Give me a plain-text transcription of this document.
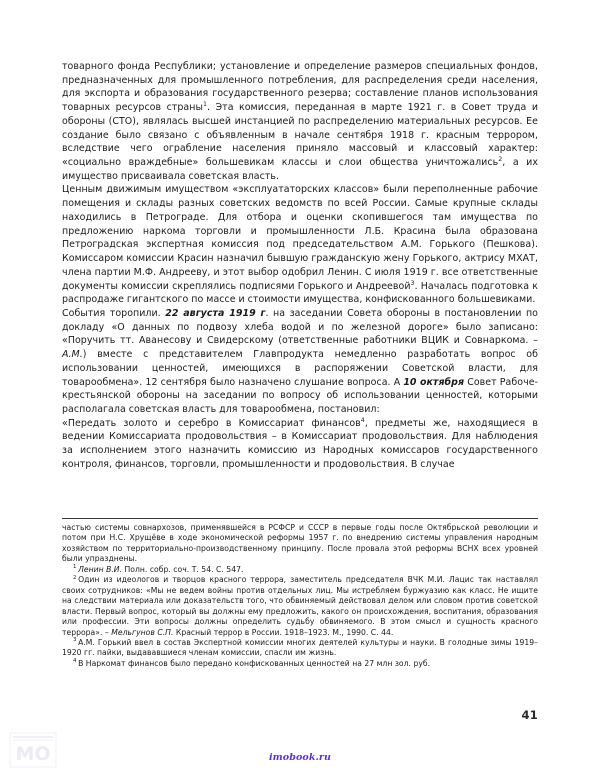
товарного фонда Республики; установление и определение размеров специальных фондов, предназначенных для промышленного потребления, для распределения среди населения, для экспорта и образования государственного резерва; составление планов использования товарных ресурсов страны$^1$. Эта комиссия, переданная в марте 1921 г. в Совет труда и обороны (СТО), являлась высшей инстанцией по распределению материальных ресурсов. Ее создание было связано с объявленным в начале сентября 1918 г. красным террором, вследствие чего ограбление населения приняло массовый и классовый характер: «социально враждебные» большевикам классы и слои общества уничтожались$^2$, а их имущество присваивала советская власть.

Ценным движимым имуществом «эксплуататорских классов» были переполненные рабочие помещения и склады разных советских ведомств по всей России. Самые крупные склады находились в Петрограде. Для отбора и оценки скопившегося там имущества по предложению наркома торговли и промышленности Л.Б. Красина была образована Петроградская экспертная комиссия под председательством А.М. Горького (Пешкова). Комиссаром комиссии Красин назначил бывшую гражданскую жену Горького, актрису МХАТ, члена партии М.Ф. Андрееву, и этот выбор одобрил Ленин. С июля 1919 г. все ответственные документы комиссии скреплялись подписями Горького и Андреевой$^3$. Началась подготовка к распродаже гигантского по массе и стоимости имущества, конфискованного большевиками.

События торопили. 22 августа 1919 г. на заседании Совета обороны в постановлении по докладу «О данных по подвозу хлеба водой и по железной дороге» было записано: «Поручить тт. Аванесову и Свидерскому (ответственные работники ВЦИК и Совнаркома. – А.М.) вместе с представителем Главпродукта немедленно разработать вопрос об использовании ценностей, имеющихся в распоряжении Советской власти, для товарообмена». 12 сентября было назначено слушание вопроса. А 10 октября Совет Рабоче-крестьянской обороны на заседании по вопросу об использовании ценностей, которыми располагала советская власть для товарообмена, постановил:

«Передать золото и серебро в Комиссариат финансов$^4$, предметы же, находящиеся в ведении Комиссариата продовольствия – в Комиссариат продовольствия. Для наблюдения за исполнением этого назначить комиссию из Народных комиссаров государственного контроля, финансов, торговли, промышленности и продовольствия. В случае

частью системы совнархозов, применявшейся в РСФСР и СССР в первые годы после Октябрьской революции и потом при Н.С. Хрущёве в ходе экономической реформы 1957 г. по внедрению системы управления народным хозяйством по территориально-производственному принципу. После провала этой реформы ВСНХ всех уровней были упразднены.

$^1$ Ленин В.И. Полн. собр. соч. Т. 54. С. 547.

$^2$ Один из идеологов и творцов красного террора, заместитель председателя ВЧК М.И. Лацис так наставлял своих сотрудников: «Мы не ведем войны против отдельных лиц. Мы истребляем буржуазию как класс. Не ищите на следствии материала или доказательств того, что обвиняемый действовал делом или словом против советской власти. Первый вопрос, который вы должны ему предложить, какого он происхождения, воспитания, образования или профессии. Эти вопросы должны определить судьбу обвиняемого. В этом смысл и сущность красного террора». – Мельгунов С.П. Красный террор в России. 1918–1923. М., 1990. С. 44.

$^3$ А.М. Горький ввел в состав Экспертной комиссии многих деятелей культуры и науки. В голодные зимы 1919–1920 гг. пайки, выдававшиеся членам комиссии, спасли им жизнь.

$^4$ В Наркомат финансов было передано конфискованных ценностей на 27 млн зол. руб.

41
imobook.ru
MO
